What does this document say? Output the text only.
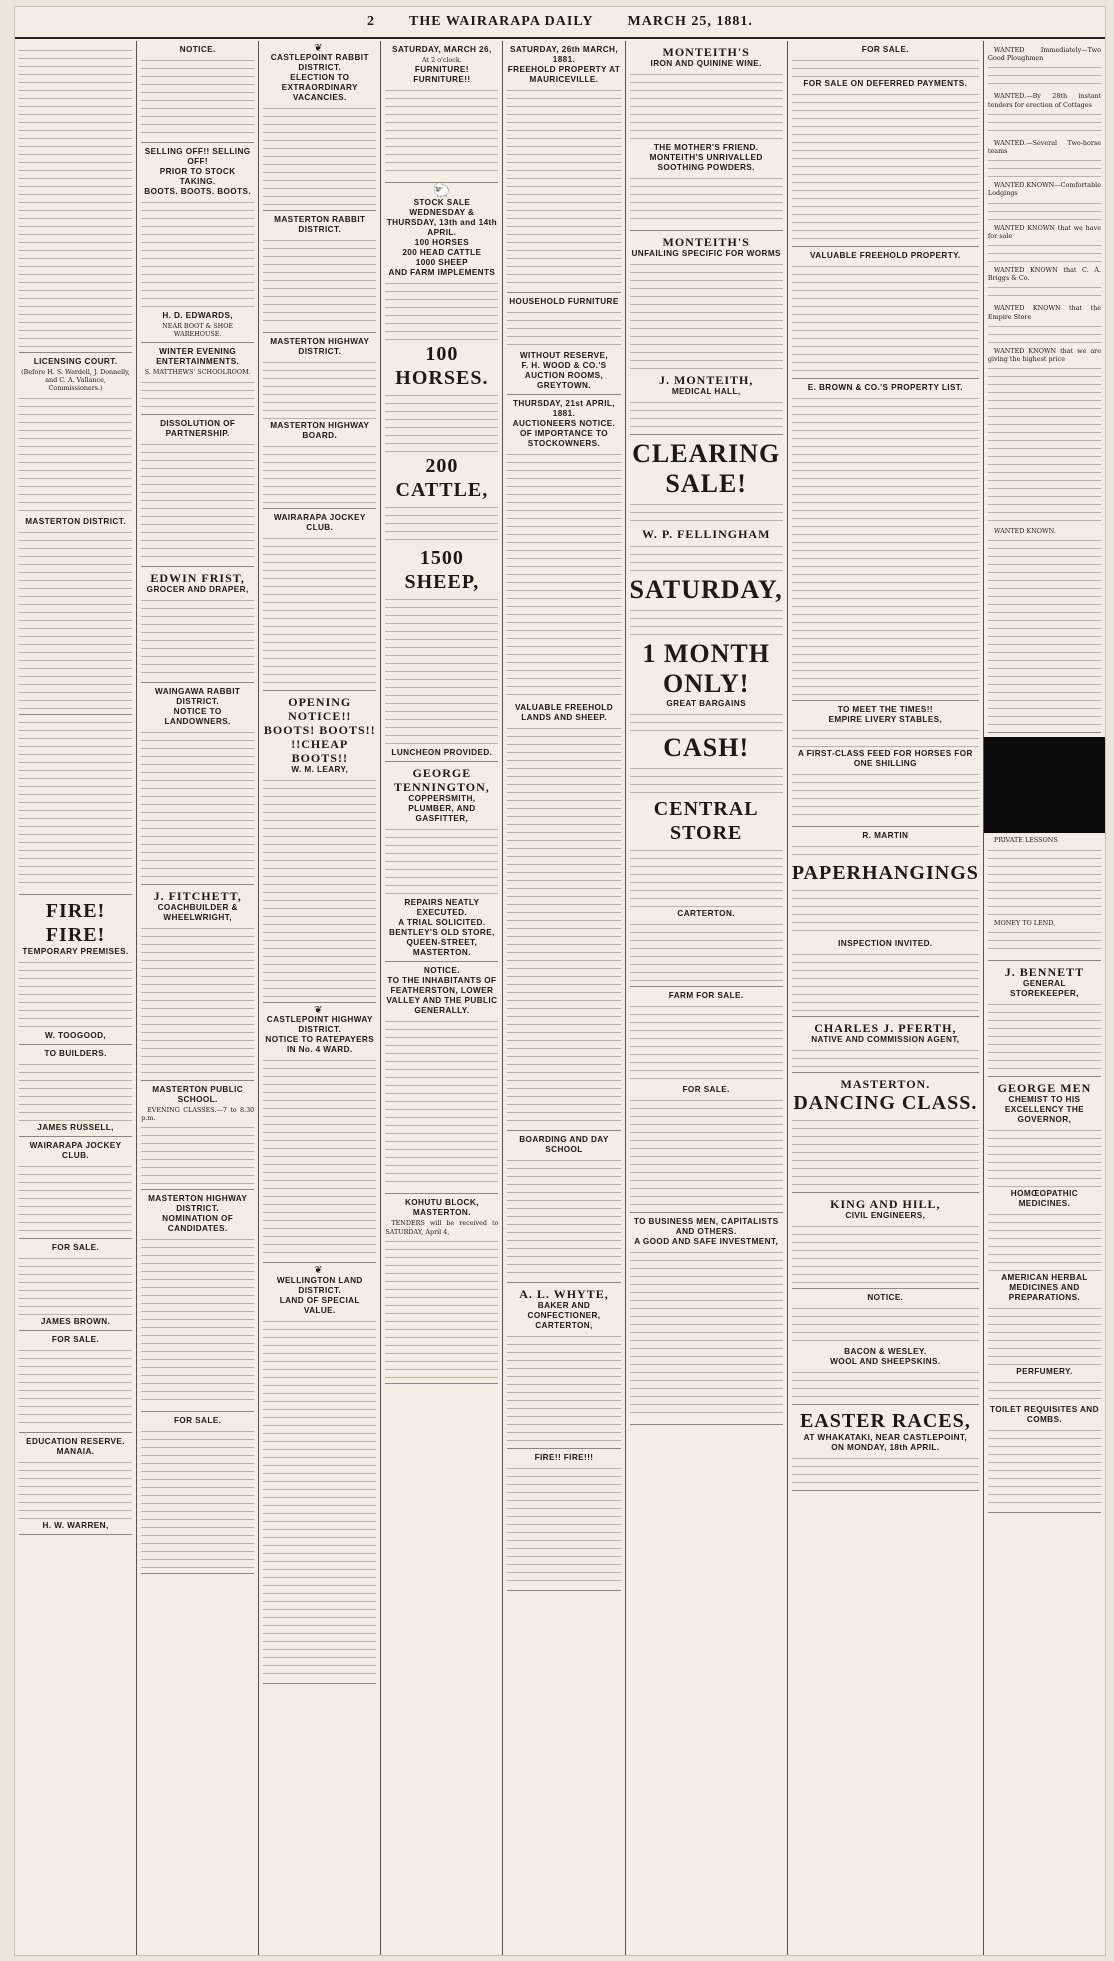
2 THE WAIRARAPA DAILY MARCH 25, 1881.
LICENSING COURT.

(Before H. S. Wardell, J. Donnelly, and C. A. Vallance, Commissioners.)

MASTERTON DISTRICT.
FIRE! FIRE!
TEMPORARY PREMISES.
W. TOOGOOD,
TO BUILDERS.
JAMES RUSSELL,
WAIRARAPA JOCKEY CLUB.
FOR SALE.
JAMES BROWN.
FOR SALE.
EDUCATION RESERVE.
MANAIA.
H. W. WARREN,
NOTICE.
SELLING OFF!! SELLING OFF!
PRIOR TO STOCK TAKING.
BOOTS. BOOTS. BOOTS.
H. D. EDWARDS,

NEAR BOOT & SHOE WAREHOUSE.

WINTER EVENING ENTERTAINMENTS.

S. MATTHEWS' SCHOOLROOM.

DISSOLUTION OF PARTNERSHIP.
EDWIN FRIST,
GROCER AND DRAPER,
WAINGAWA RABBIT DISTRICT.
NOTICE TO LANDOWNERS.
J. FITCHETT,
COACHBUILDER & WHEELWRIGHT,
MASTERTON PUBLIC SCHOOL.

EVENING CLASSES.—7 to 8.30 p.m.

MASTERTON HIGHWAY DISTRICT.
NOMINATION OF CANDIDATES.
FOR SALE.
❦
CASTLEPOINT RABBIT DISTRICT.
ELECTION TO EXTRAORDINARY VACANCIES.
MASTERTON RABBIT DISTRICT.
MASTERTON HIGHWAY DISTRICT.
MASTERTON HIGHWAY BOARD.
WAIRARAPA JOCKEY CLUB.
OPENING NOTICE!!
BOOTS! BOOTS!!
!!CHEAP BOOTS!!
W. M. LEARY,
❦
CASTLEPOINT HIGHWAY DISTRICT.
NOTICE TO RATEPAYERS IN No. 4 WARD.
❦
WELLINGTON LAND DISTRICT.
LAND OF SPECIAL VALUE.
SATURDAY, MARCH 26,

At 2 o'clock.

FURNITURE! FURNITURE!!
🐑
STOCK SALE
WEDNESDAY & THURSDAY, 13th and 14th APRIL.
100 HORSES
200 HEAD CATTLE
1000 SHEEP
AND FARM IMPLEMENTS
100 HORSES.
200 CATTLE,
1500 SHEEP,
LUNCHEON PROVIDED.
GEORGE TENNINGTON,
COPPERSMITH, PLUMBER, AND GASFITTER,
REPAIRS NEATLY EXECUTED.
A TRIAL SOLICITED.
BENTLEY'S OLD STORE, QUEEN-STREET, MASTERTON.
NOTICE.
TO THE INHABITANTS OF FEATHERSTON, LOWER VALLEY AND THE PUBLIC GENERALLY.
KOHUTU BLOCK, MASTERTON.

TENDERS will be received to SATURDAY, April 4,

SATURDAY, 26th MARCH, 1881.
FREEHOLD PROPERTY AT MAURICEVILLE.
HOUSEHOLD FURNITURE
WITHOUT RESERVE,
F. H. WOOD & CO.'S AUCTION ROOMS, GREYTOWN.
THURSDAY, 21st APRIL, 1881.
AUCTIONEERS NOTICE.
OF IMPORTANCE TO STOCKOWNERS.
VALUABLE FREEHOLD LANDS AND SHEEP.
BOARDING AND DAY SCHOOL
A. L. WHYTE,
BAKER AND CONFECTIONER, CARTERTON,
FIRE!! FIRE!!!
MONTEITH'S
IRON AND QUININE WINE.
THE MOTHER'S FRIEND.
MONTEITH'S UNRIVALLED SOOTHING POWDERS.
MONTEITH'S
UNFAILING SPECIFIC FOR WORMS
J. MONTEITH,
MEDICAL HALL,
CLEARING SALE!
W. P. FELLINGHAM
SATURDAY,
1 MONTH ONLY!
GREAT BARGAINS
CASH!
CENTRAL STORE
CARTERTON.
FARM FOR SALE.
FOR SALE.
TO BUSINESS MEN, CAPITALISTS AND OTHERS.
A GOOD AND SAFE INVESTMENT,
FOR SALE.
FOR SALE ON DEFERRED PAYMENTS.
VALUABLE FREEHOLD PROPERTY.
E. BROWN & CO.'S PROPERTY LIST.
TO MEET THE TIMES!!
EMPIRE LIVERY STABLES,
A FIRST-CLASS FEED FOR HORSES FOR ONE SHILLING
R. MARTIN
PAPERHANGINGS
INSPECTION INVITED.
CHARLES J. PFERTH,
NATIVE AND COMMISSION AGENT,
MASTERTON.
DANCING CLASS.
KING AND HILL,
CIVIL ENGINEERS,
NOTICE.
BACON & WESLEY.
WOOL AND SHEEPSKINS.
EASTER RACES,
AT WHAKATAKI, NEAR CASTLEPOINT,
ON MONDAY, 18th APRIL.

WANTED Immediately—Two Good Ploughmen

WANTED.—By 28th instant tenders for erection of Cottages

WANTED.—Several Two-horse teams

WANTED KNOWN—Comfortable Lodgings

WANTED KNOWN that we have for sale

WANTED KNOWN that C. A. Briggs & Co.

WANTED KNOWN that the Empire Store

WANTED KNOWN that we are giving the highest price

WANTED KNOWN.

PRIVATE LESSONS

MONEY TO LEND,

J. BENNETT
GENERAL STOREKEEPER,
GEORGE MEN
CHEMIST TO HIS EXCELLENCY THE GOVERNOR,
HOMŒOPATHIC MEDICINES.
AMERICAN HERBAL MEDICINES AND PREPARATIONS.
PERFUMERY.
TOILET REQUISITES AND COMBS.
